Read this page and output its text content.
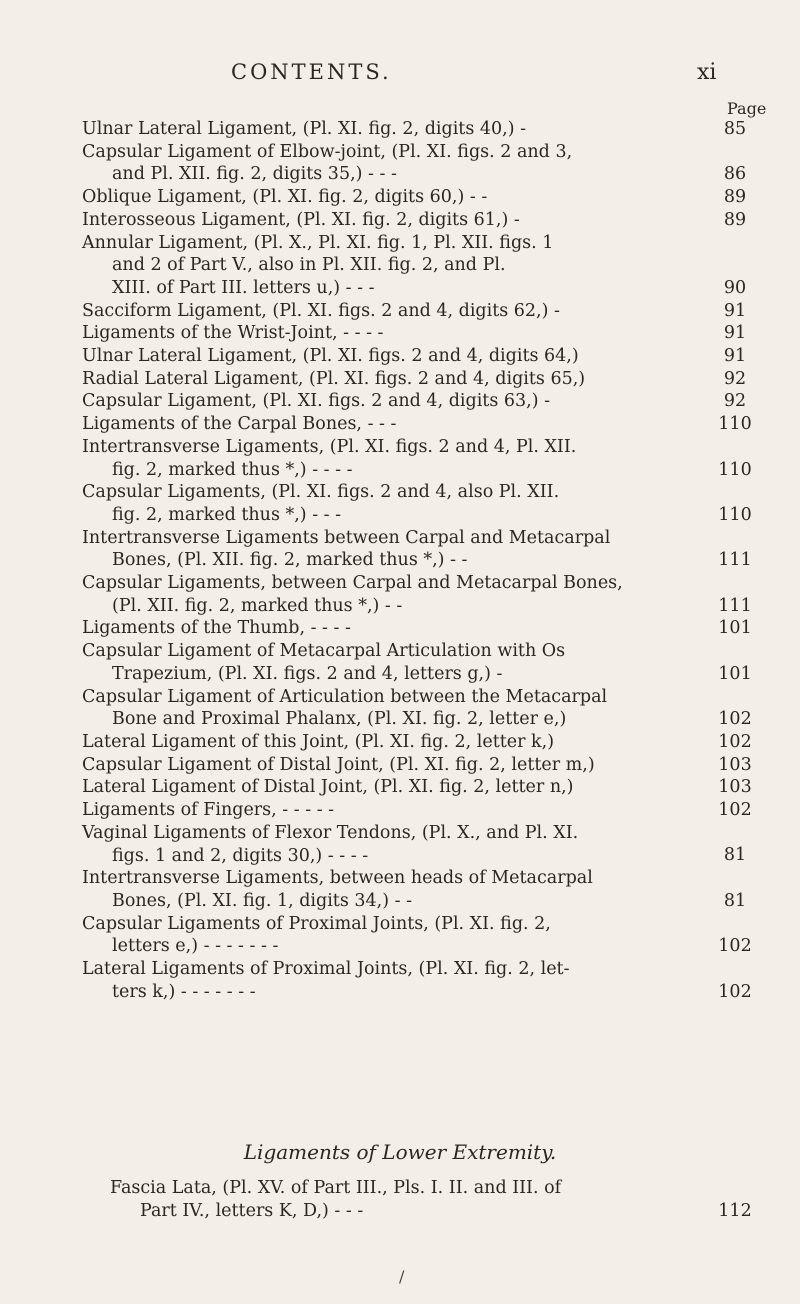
CONTENTS.	xi
Page
Ulnar Lateral Ligament, (Pl. XI. fig. 2, digits 40,) -	85
Capsular Ligament of Elbow-joint, (Pl. XI. figs. 2 and 3,
and Pl. XII. fig. 2, digits 35,) - - -	86
Oblique Ligament, (Pl. XI. fig. 2, digits 60,) - -	89
Interosseous Ligament, (Pl. XI. fig. 2, digits 61,) -	89
Annular Ligament, (Pl. X., Pl. XI. fig. 1, Pl. XII. figs. 1
and 2 of Part V., also in Pl. XII. fig. 2, and Pl.
XIII. of Part III. letters u,) - - -	90
Sacciform Ligament, (Pl. XI. figs. 2 and 4, digits 62,) -	91
Ligaments of the Wrist-Joint, - - - -	91
Ulnar Lateral Ligament, (Pl. XI. figs. 2 and 4, digits 64,)	91
Radial Lateral Ligament, (Pl. XI. figs. 2 and 4, digits 65,)	92
Capsular Ligament, (Pl. XI. figs. 2 and 4, digits 63,) -	92
Ligaments of the Carpal Bones, - - -	110
Intertransverse Ligaments, (Pl. XI. figs. 2 and 4, Pl. XII.
fig. 2, marked thus *,) - - - -	110
Capsular Ligaments, (Pl. XI. figs. 2 and 4, also Pl. XII.
fig. 2, marked thus *,) - - -	110
Intertransverse Ligaments between Carpal and Metacarpal
Bones, (Pl. XII. fig. 2, marked thus *,) - -	111
Capsular Ligaments, between Carpal and Metacarpal Bones,
(Pl. XII. fig. 2, marked thus *,) - -	111
Ligaments of the Thumb, - - - -	101
Capsular Ligament of Metacarpal Articulation with Os
Trapezium, (Pl. XI. figs. 2 and 4, letters g,) -	101
Capsular Ligament of Articulation between the Metacarpal
Bone and Proximal Phalanx, (Pl. XI. fig. 2, letter e,)	102
Lateral Ligament of this Joint, (Pl. XI. fig. 2, letter k,)	102
Capsular Ligament of Distal Joint, (Pl. XI. fig. 2, letter m,)	103
Lateral Ligament of Distal Joint, (Pl. XI. fig. 2, letter n,)	103
Ligaments of Fingers, - - - - -	102
Vaginal Ligaments of Flexor Tendons, (Pl. X., and Pl. XI.
figs. 1 and 2, digits 30,) - - - -	81
Intertransverse Ligaments, between heads of Metacarpal
Bones, (Pl. XI. fig. 1, digits 34,) - -	81
Capsular Ligaments of Proximal Joints, (Pl. XI. fig. 2,
letters e,) - - - - - - -	102
Lateral Ligaments of Proximal Joints, (Pl. XI. fig. 2, let-
ters k,) - - - - - - -	102
Ligaments of Lower Extremity.
Fascia Lata, (Pl. XV. of Part III., Pls. I. II. and III. of
Part IV., letters K, D,) - - -	112
/
